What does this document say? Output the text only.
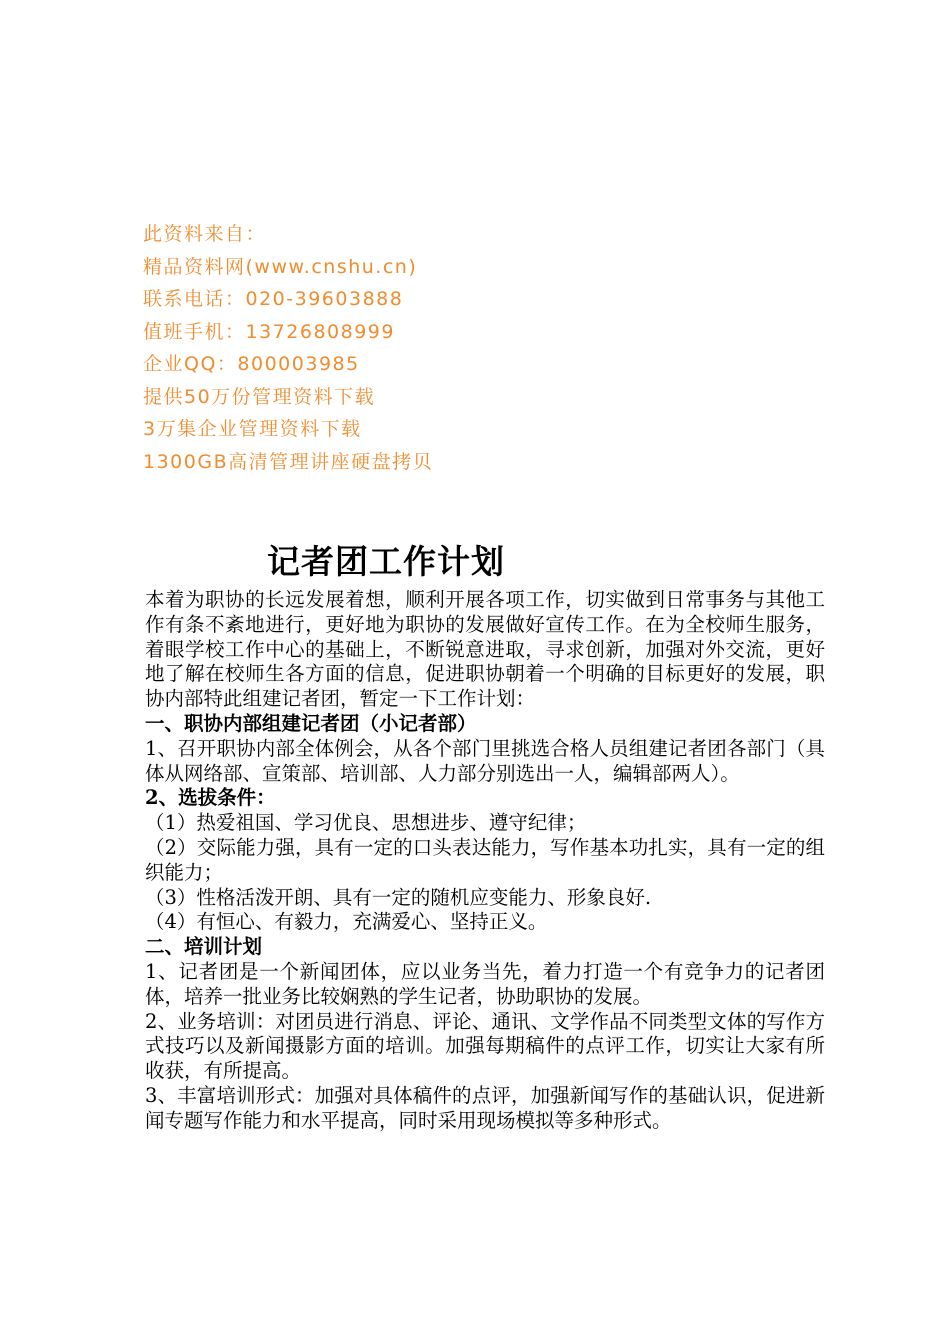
此资料来自：
精品资料网(www.cnshu.cn)
联系电话：020-39603888
值班手机：13726808999
企业QQ：800003985
提供50万份管理资料下载
3万集企业管理资料下载
1300GB高清管理讲座硬盘拷贝
记者团工作计划

本着为职协的长远发展着想，顺利开展各项工作，切实做到日常事务与其他工作有条不紊地进行，更好地为职协的发展做好宣传工作。在为全校师生服务，着眼学校工作中心的基础上，不断锐意进取，寻求创新，加强对外交流，更好地了解在校师生各方面的信息，促进职协朝着一个明确的目标更好的发展，职协内部特此组建记者团，暂定一下工作计划：

一、职协内部组建记者团（小记者部）

1、召开职协内部全体例会，从各个部门里挑选合格人员组建记者团各部门（具体从网络部、宣策部、培训部、人力部分别选出一人，编辑部两人）。

2、选拔条件：

（1）热爱祖国、学习优良、思想进步、遵守纪律；

（2）交际能力强，具有一定的口头表达能力，写作基本功扎实，具有一定的组织能力；

（3）性格活泼开朗、具有一定的随机应变能力、形象良好.

（4）有恒心、有毅力，充满爱心、坚持正义。

二、培训计划

1、记者团是一个新闻团体，应以业务当先，着力打造一个有竞争力的记者团体，培养一批业务比较娴熟的学生记者，协助职协的发展。

2、业务培训：对团员进行消息、评论、通讯、文学作品不同类型文体的写作方式技巧以及新闻摄影方面的培训。加强每期稿件的点评工作，切实让大家有所收获，有所提高。

3、丰富培训形式：加强对具体稿件的点评，加强新闻写作的基础认识，促进新闻专题写作能力和水平提高，同时采用现场模拟等多种形式。
